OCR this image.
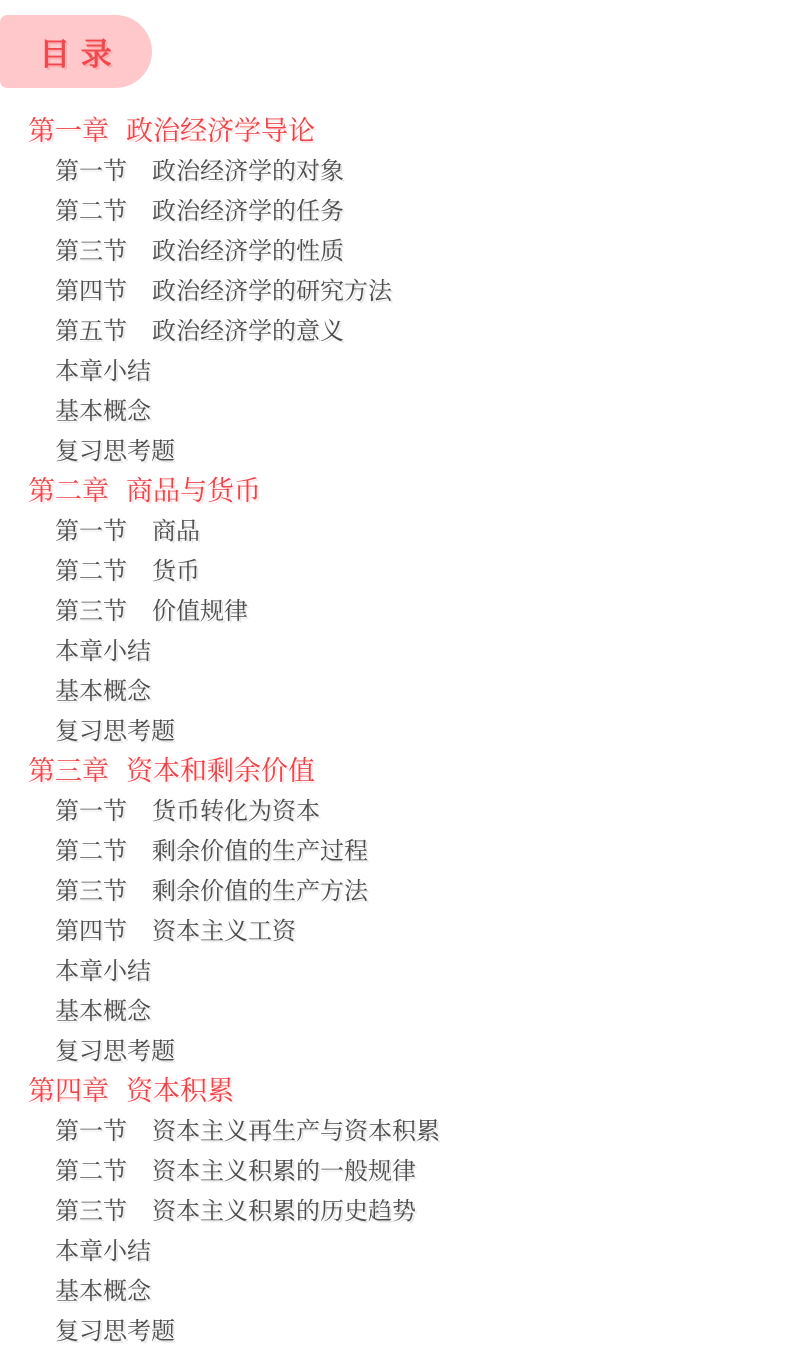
目 录
第一章 政治经济学导论
第一节 政治经济学的对象
第二节 政治经济学的任务
第三节 政治经济学的性质
第四节 政治经济学的研究方法
第五节 政治经济学的意义
本章小结
基本概念
复习思考题
第二章 商品与货币
第一节 商品
第二节 货币
第三节 价值规律
本章小结
基本概念
复习思考题
第三章 资本和剩余价值
第一节 货币转化为资本
第二节 剩余价值的生产过程
第三节 剩余价值的生产方法
第四节 资本主义工资
本章小结
基本概念
复习思考题
第四章 资本积累
第一节 资本主义再生产与资本积累
第二节 资本主义积累的一般规律
第三节 资本主义积累的历史趋势
本章小结
基本概念
复习思考题
